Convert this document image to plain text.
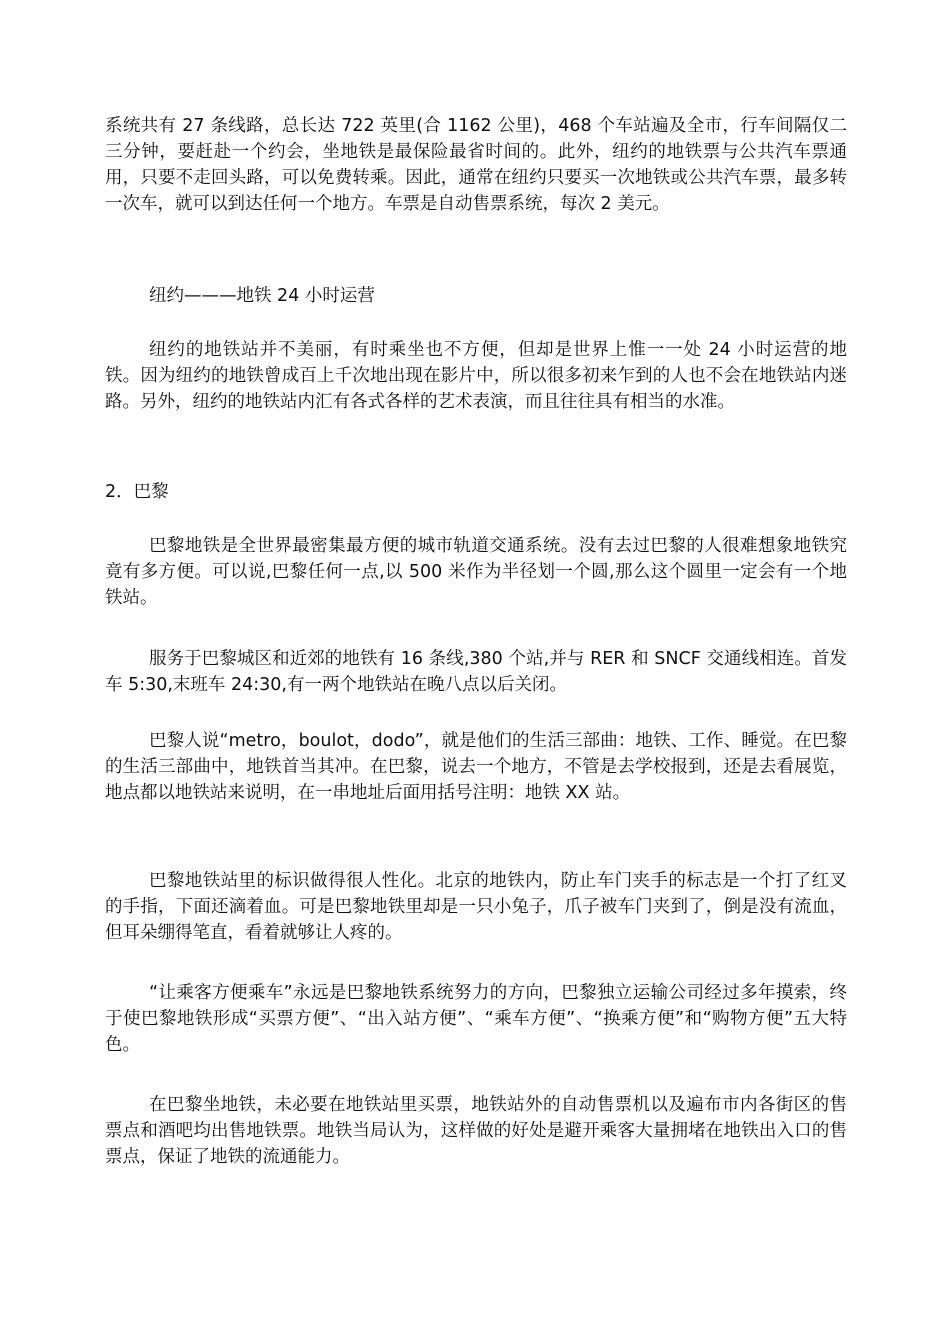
系统共有 27 条线路，总长达 722 英里(合 1162 公里)，468 个车站遍及全市，行车间隔仅二三分钟，要赶赴一个约会，坐地铁是最保险最省时间的。此外，纽约的地铁票与公共汽车票通用，只要不走回头路，可以免费转乘。因此，通常在纽约只要买一次地铁或公共汽车票，最多转一次车，就可以到达任何一个地方。车票是自动售票系统，每次 2 美元。

纽约———地铁 24 小时运营

纽约的地铁站并不美丽，有时乘坐也不方便，但却是世界上惟一一处 24 小时运营的地铁。因为纽约的地铁曾成百上千次地出现在影片中，所以很多初来乍到的人也不会在地铁站内迷路。另外，纽约的地铁站内汇有各式各样的艺术表演，而且往往具有相当的水准。

2．巴黎

巴黎地铁是全世界最密集最方便的城市轨道交通系统。没有去过巴黎的人很难想象地铁究竟有多方便。可以说,巴黎任何一点,以 500 米作为半径划一个圆,那么这个圆里一定会有一个地铁站。

服务于巴黎城区和近郊的地铁有 16 条线,380 个站,并与 RER 和 SNCF 交通线相连。首发车 5:30,末班车 24:30,有一两个地铁站在晚八点以后关闭。

巴黎人说“metro，boulot，dodo”，就是他们的生活三部曲：地铁、工作、睡觉。在巴黎的生活三部曲中，地铁首当其冲。在巴黎，说去一个地方，不管是去学校报到，还是去看展览，地点都以地铁站来说明，在一串地址后面用括号注明：地铁 XX 站。

巴黎地铁站里的标识做得很人性化。北京的地铁内，防止车门夹手的标志是一个打了红叉的手指，下面还滴着血。可是巴黎地铁里却是一只小兔子，爪子被车门夹到了，倒是没有流血，但耳朵绷得笔直，看着就够让人疼的。

“让乘客方便乘车”永远是巴黎地铁系统努力的方向，巴黎独立运输公司经过多年摸索，终于使巴黎地铁形成“买票方便”、“出入站方便”、“乘车方便”、“换乘方便”和“购物方便”五大特色。

在巴黎坐地铁，未必要在地铁站里买票，地铁站外的自动售票机以及遍布市内各街区的售票点和酒吧均出售地铁票。地铁当局认为，这样做的好处是避开乘客大量拥堵在地铁出入口的售票点，保证了地铁的流通能力。
